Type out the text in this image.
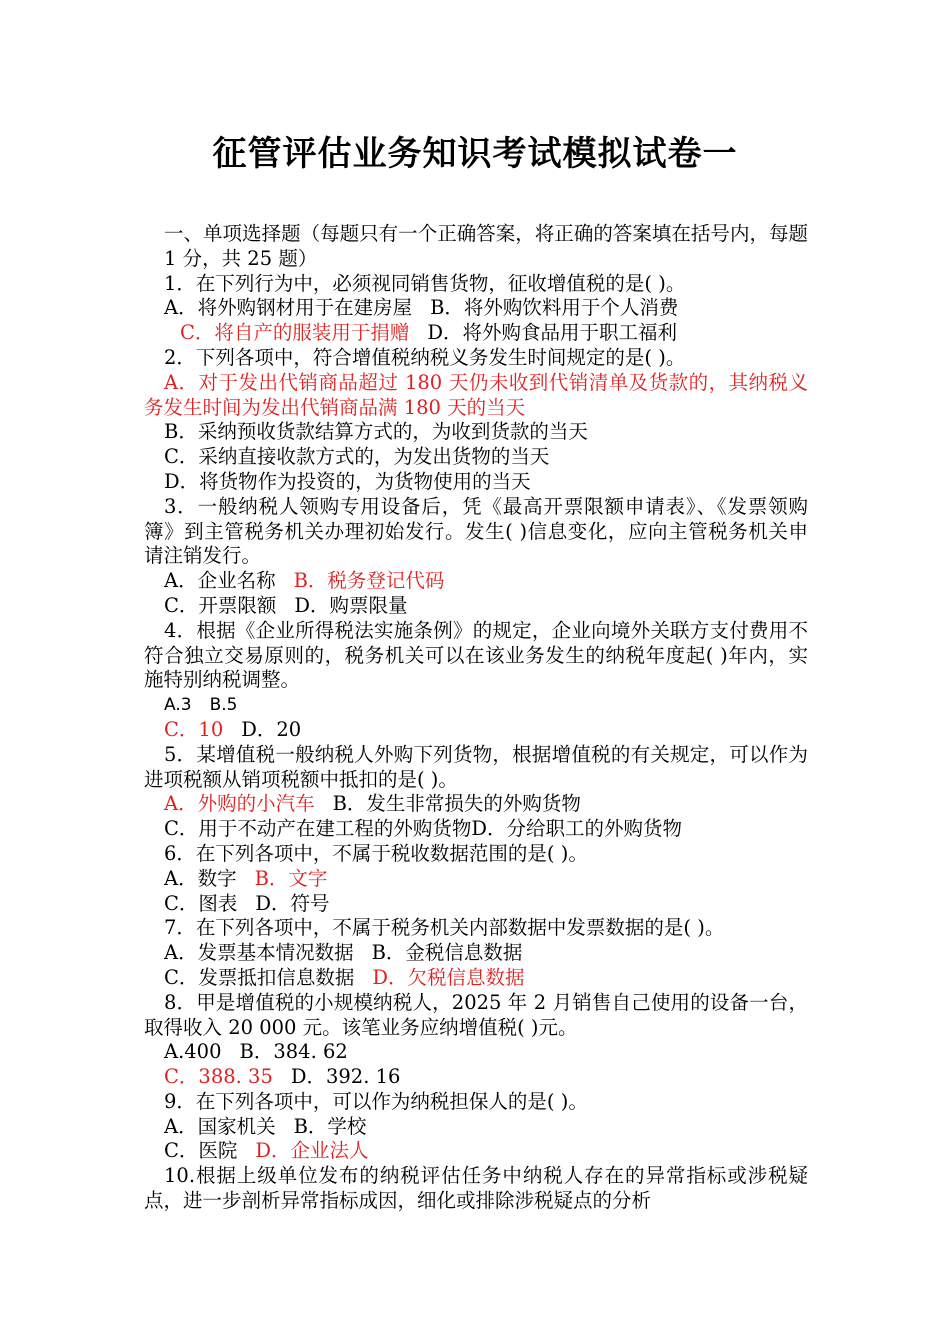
征管评估业务知识考试模拟试卷一

一、单项选择题（每题只有一个正确答案，将正确的答案填在括号内，每题 1 分，共 25 题）

1．在下列行为中，必须视同销售货物，征收增值税的是( )。

A．将外购钢材用于在建房屋 B．将外购饮料用于个人消费

C．将自产的服装用于捐赠 D．将外购食品用于职工福利

2．下列各项中，符合增值税纳税义务发生时间规定的是( )。

A．对于发出代销商品超过 180 天仍未收到代销清单及货款的，其纳税义务发生时间为发出代销商品满 180 天的当天

B．采纳预收货款结算方式的，为收到货款的当天

C．采纳直接收款方式的，为发出货物的当天

D．将货物作为投资的，为货物使用的当天

3．一般纳税人领购专用设备后，凭《最高开票限额申请表》、《发票领购簿》到主管税务机关办理初始发行。发生( )信息变化，应向主管税务机关申请注销发行。

A．企业名称 B．税务登记代码

C．开票限额 D．购票限量

4．根据《企业所得税法实施条例》的规定，企业向境外关联方支付费用不符合独立交易原则的，税务机关可以在该业务发生的纳税年度起( )年内，实施特别纳税调整。

A.3 B.5

C．10 D．20

5．某增值税一般纳税人外购下列货物，根据增值税的有关规定，可以作为进项税额从销项税额中抵扣的是( )。

A．外购的小汽车 B．发生非常损失的外购货物

C．用于不动产在建工程的外购货物D．分给职工的外购货物

6．在下列各项中，不属于税收数据范围的是( )。

A．数字 B．文字

C．图表 D．符号

7．在下列各项中，不属于税务机关内部数据中发票数据的是( )。

A．发票基本情况数据 B．金税信息数据

C．发票抵扣信息数据 D．欠税信息数据

8．甲是增值税的小规模纳税人，2025 年 2 月销售自己使用的设备一台，取得收入 20 000 元。该笔业务应纳增值税( )元。

A.400 B．384. 62

C．388. 35 D．392. 16

9．在下列各项中，可以作为纳税担保人的是( )。

A．国家机关 B．学校

C．医院 D．企业法人

10.根据上级单位发布的纳税评估任务中纳税人存在的异常指标或涉税疑点，进一步剖析异常指标成因，细化或排除涉税疑点的分析
